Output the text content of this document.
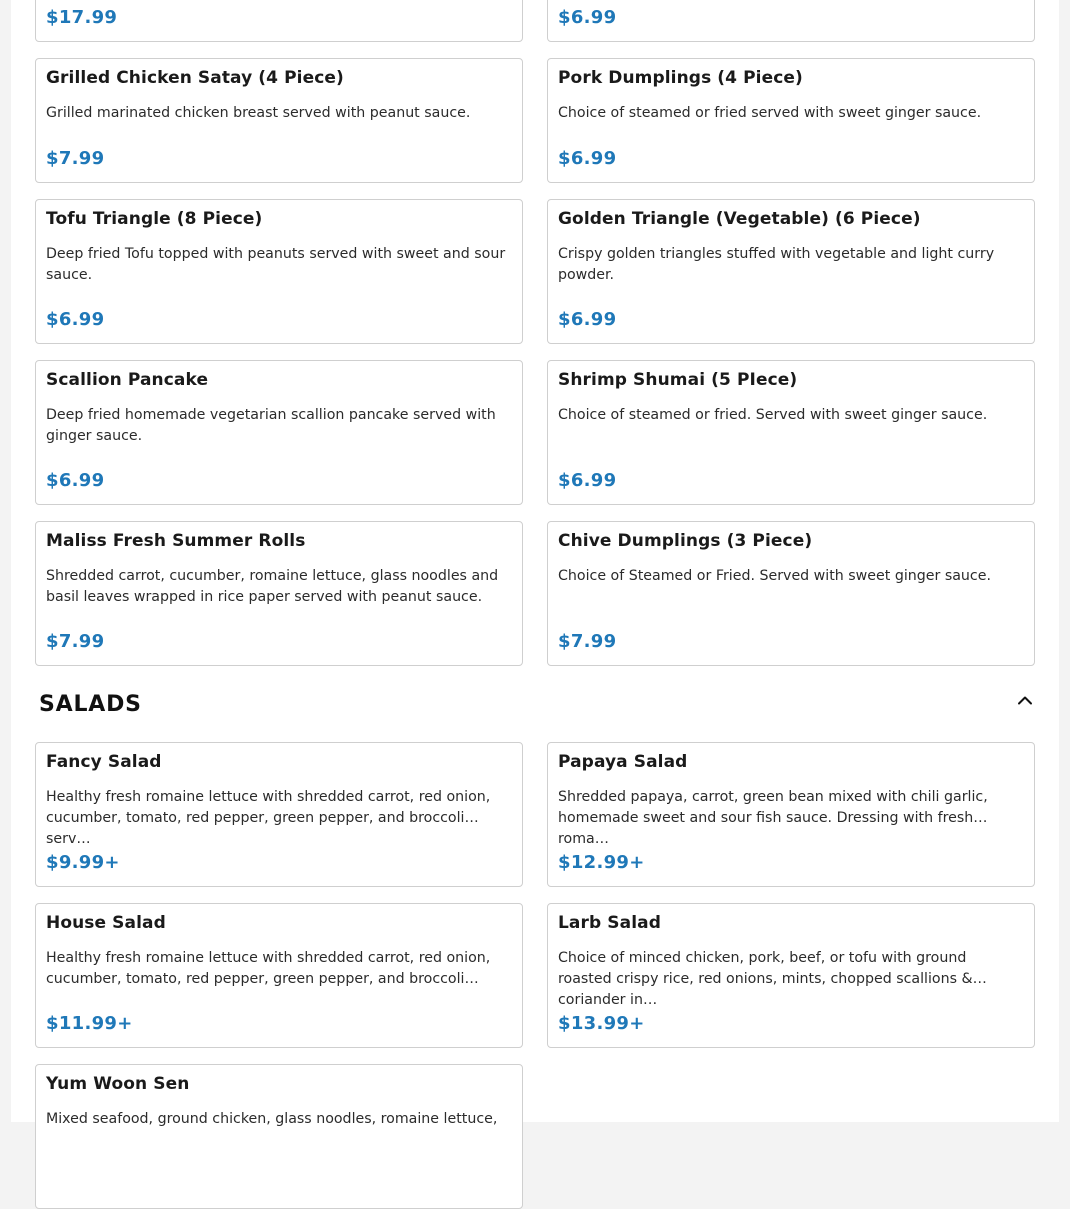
$17.99	$6.99
Grilled Chicken Satay (4 Piece)
Grilled marinated chicken breast served with peanut sauce.
$7.99
Pork Dumplings (4 Piece)
Choice of steamed or fried served with sweet ginger sauce.
$6.99
Tofu Triangle (8 Piece)
Deep fried Tofu topped with peanuts served with sweet and sour sauce.
$6.99
Golden Triangle (Vegetable) (6 Piece)
Crispy golden triangles stuffed with vegetable and light curry powder.
$6.99
Scallion Pancake
Deep fried homemade vegetarian scallion pancake served with ginger sauce.
$6.99
Shrimp Shumai (5 PIece)
Choice of steamed or fried. Served with sweet ginger sauce.
$6.99
Maliss Fresh Summer Rolls
Shredded carrot, cucumber, romaine lettuce, glass noodles and basil leaves wrapped in rice paper served with peanut sauce.
$7.99
Chive Dumplings (3 Piece)
Choice of Steamed or Fried. Served with sweet ginger sauce.
$7.99
SALADS
Fancy Salad
Healthy fresh romaine lettuce with shredded carrot, red onion, cucumber, tomato, red pepper, green pepper, and broccoli serv…
$9.99+
Papaya Salad
Shredded papaya, carrot, green bean mixed with chili garlic, homemade sweet and sour fish sauce. Dressing with fresh roma…
$12.99+
House Salad
Healthy fresh romaine lettuce with shredded carrot, red onion, cucumber, tomato, red pepper, green pepper, and broccoli…
$11.99+
Larb Salad
Choice of minced chicken, pork, beef, or tofu with ground roasted crispy rice, red onions, mints, chopped scallions & coriander in…
$13.99+
Yum Woon Sen
Mixed seafood, ground chicken, glass noodles, romaine lettuce,
